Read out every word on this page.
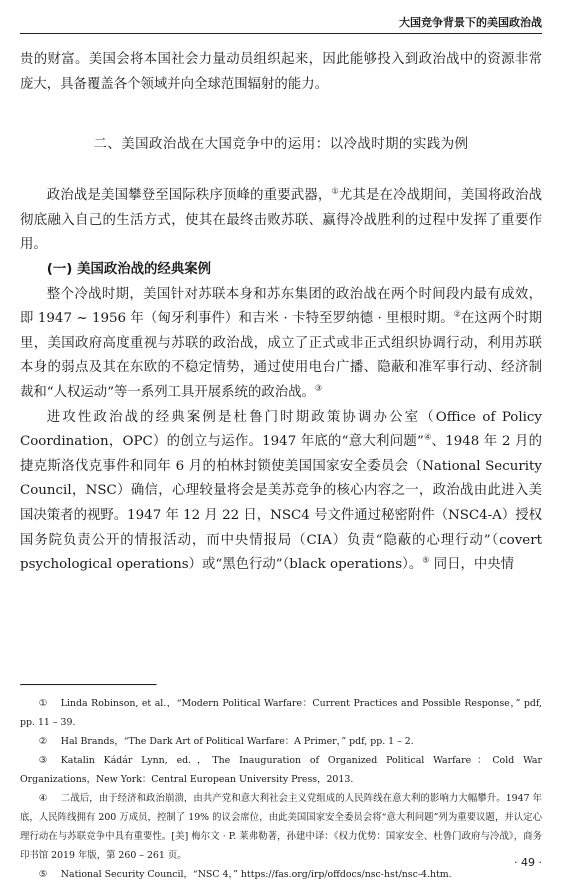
大国竞争背景下的美国政治战

贵的财富。美国会将本国社会力量动员组织起来，因此能够投入到政治战中的资源非常庞大，具备覆盖各个领域并向全球范围辐射的能力。

二、美国政治战在大国竞争中的运用：以冷战时期的实践为例

政治战是美国攀登至国际秩序顶峰的重要武器，①尤其是在冷战期间，美国将政治战彻底融入自己的生活方式，使其在最终击败苏联、赢得冷战胜利的过程中发挥了重要作用。

(一) 美国政治战的经典案例

整个冷战时期，美国针对苏联本身和苏东集团的政治战在两个时间段内最有成效，即 1947 ~ 1956 年（匈牙利事件）和吉米 · 卡特至罗纳德 · 里根时期。②在这两个时期里，美国政府高度重视与苏联的政治战，成立了正式或非正式组织协调行动，利用苏联本身的弱点及其在东欧的不稳定情势，通过使用电台广播、隐蔽和准军事行动、经济制裁和“人权运动”等一系列工具开展系统的政治战。③

进攻性政治战的经典案例是杜鲁门时期政策协调办公室（Office of Policy Coordination，OPC）的创立与运作。1947 年底的“意大利问题”④、1948 年 2 月的捷克斯洛伐克事件和同年 6 月的柏林封锁使美国国家安全委员会（National Security Council，NSC）确信，心理较量将会是美苏竞争的核心内容之一，政治战由此进入美国决策者的视野。1947 年 12 月 22 日，NSC4 号文件通过秘密附件（NSC4-A）授权国务院负责公开的情报活动，而中央情报局（CIA）负责“隐蔽的心理行动”（covert psychological operations）或“黑色行动”（black operations）。⑤ 同日，中央情

① Linda Robinson, et al.，“Modern Political Warfare：Current Practices and Possible Response，” pdf, pp. 11 – 39.

② Hal Brands，“The Dark Art of Political Warfare：A Primer，” pdf, pp. 1 – 2.

③ Katalin Kádár Lynn, ed.，The Inauguration of Organized Political Warfare：Cold War Organizations，New York：Central European University Press，2013.

④ 二战后，由于经济和政治崩溃，由共产党和意大利社会主义党组成的人民阵线在意大利的影响力大幅攀升。1947 年底，人民阵线拥有 200 万成员，控制了 19% 的议会席位，由此美国国家安全委员会将“意大利问题”列为重要议题，并认定心理行动在与苏联竞争中具有重要性。[美] 梅尔文 · P. 莱弗勒著，孙建中译：《权力优势：国家安全、杜鲁门政府与冷战》，商务印书馆 2019 年版，第 260 – 261 页。

⑤ National Security Council，“NSC 4，” https://fas.org/irp/offdocs/nsc-hst/nsc-4.htm.

· 49 ·
